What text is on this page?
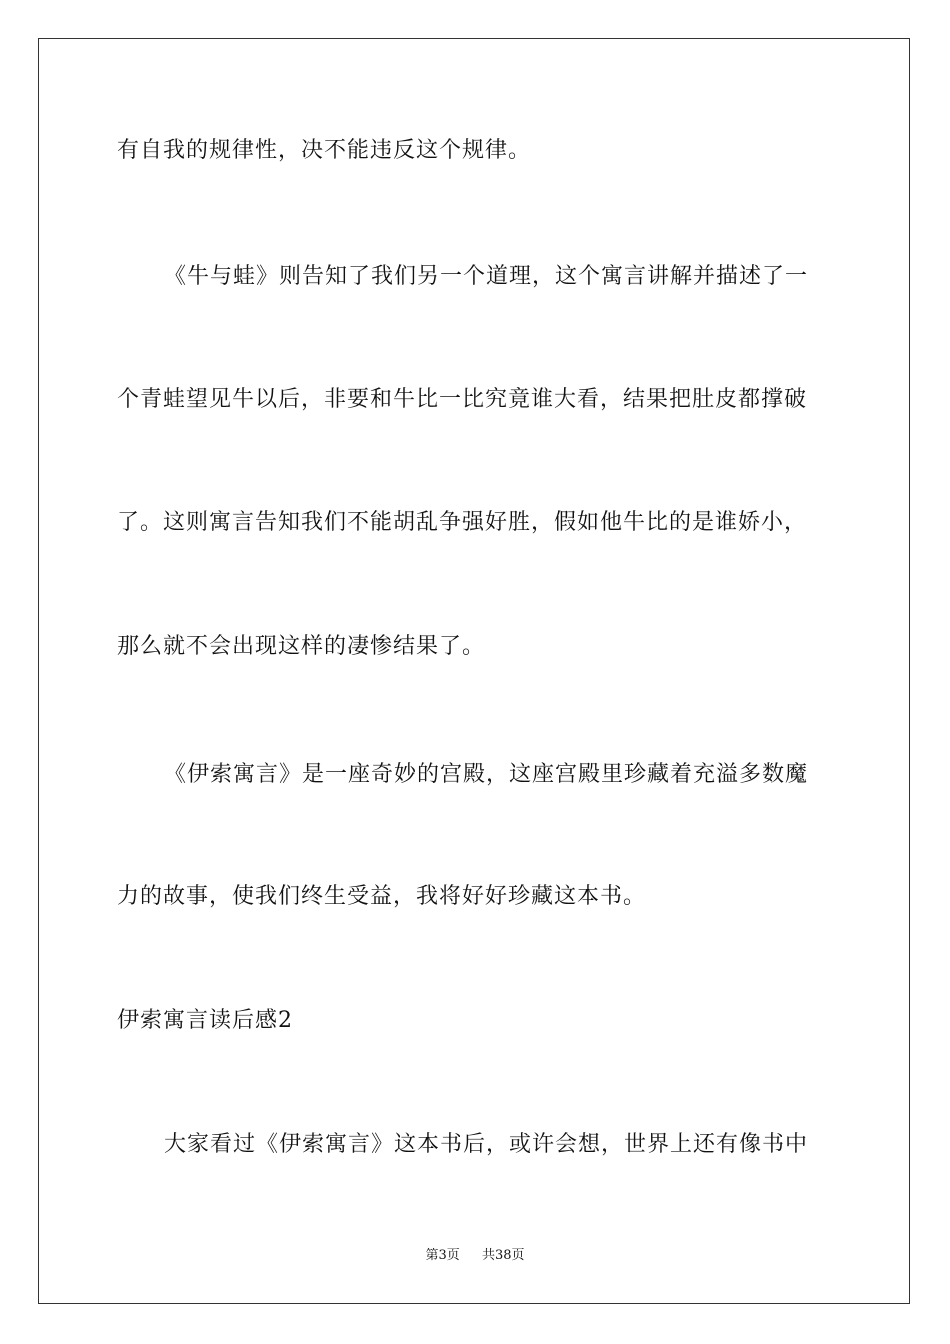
有自我的规律性，决不能违反这个规律。
《牛与蛙》则告知了我们另一个道理，这个寓言讲解并描述了一
个青蛙望见牛以后，非要和牛比一比究竟谁大看，结果把肚皮都撑破
了。这则寓言告知我们不能胡乱争强好胜，假如他牛比的是谁娇小，
那么就不会出现这样的凄惨结果了。
《伊索寓言》是一座奇妙的宫殿，这座宫殿里珍藏着充溢多数魔
力的故事，使我们终生受益，我将好好珍藏这本书。
伊索寓言读后感2
大家看过《伊索寓言》这本书后，或许会想，世界上还有像书中
第3页 共38页
